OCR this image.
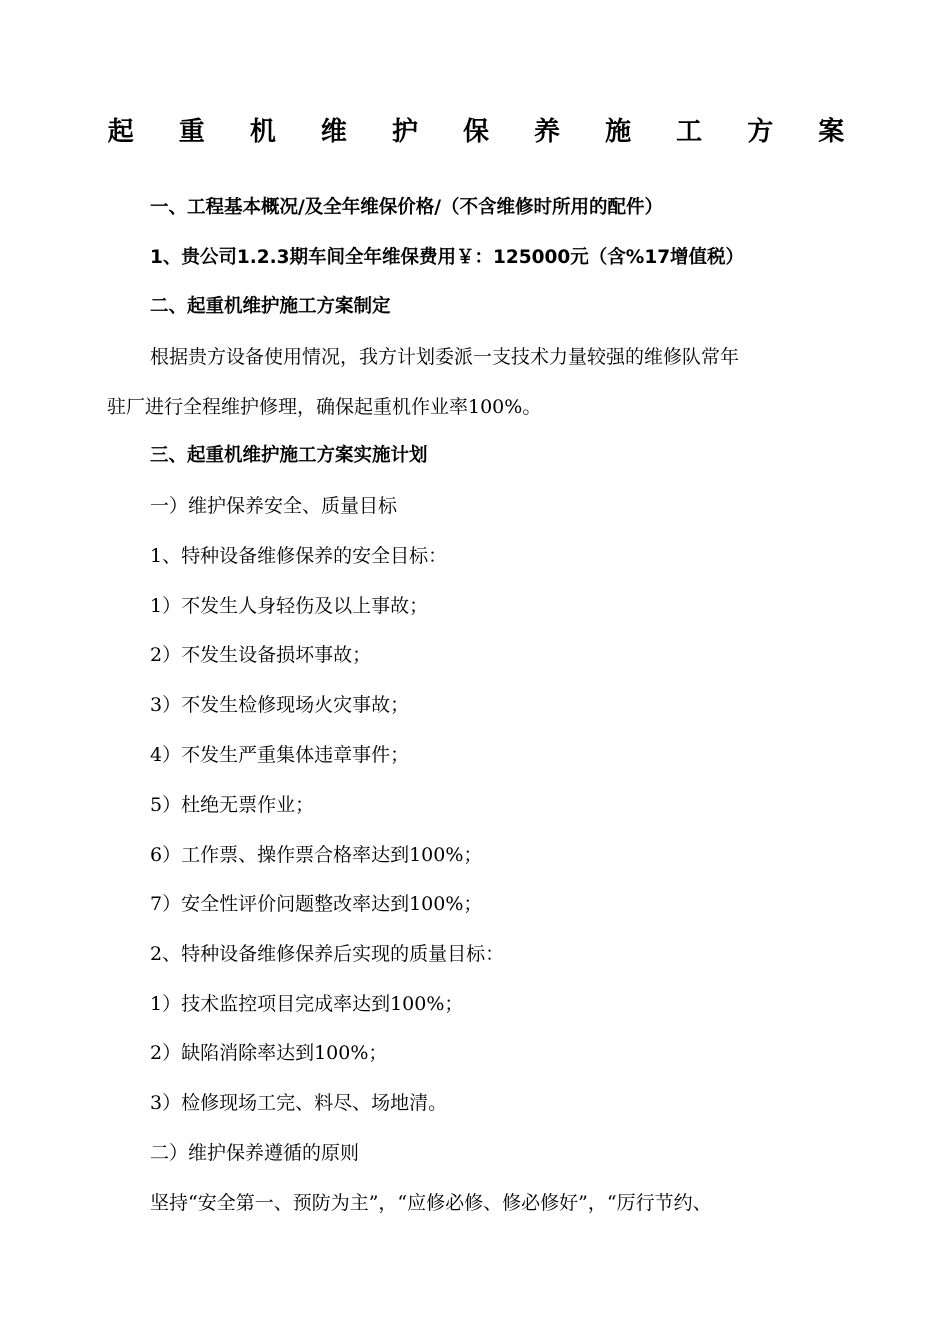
起 重 机 维 护 保 养 施 工 方 案
一、工程基本概况/及全年维保价格/（不含维修时所用的配件）
1、贵公司1.2.3期车间全年维保费用￥：125000元（含%17增值税）
二、起重机维护施工方案制定
根据贵方设备使用情况，我方计划委派一支技术力量较强的维修队常年
驻厂进行全程维护修理，确保起重机作业率100%。
三、起重机维护施工方案实施计划
一）维护保养安全、质量目标
1、特种设备维修保养的安全目标：
1）不发生人身轻伤及以上事故；
2）不发生设备损坏事故；
3）不发生检修现场火灾事故；
4）不发生严重集体违章事件；
5）杜绝无票作业；
6）工作票、操作票合格率达到100%；
7）安全性评价问题整改率达到100%；
2、特种设备维修保养后实现的质量目标：
1）技术监控项目完成率达到100%；
2）缺陷消除率达到100%；
3）检修现场工完、料尽、场地清。
二）维护保养遵循的原则
坚持“安全第一、预防为主”，“应修必修、修必修好”，“厉行节约、
